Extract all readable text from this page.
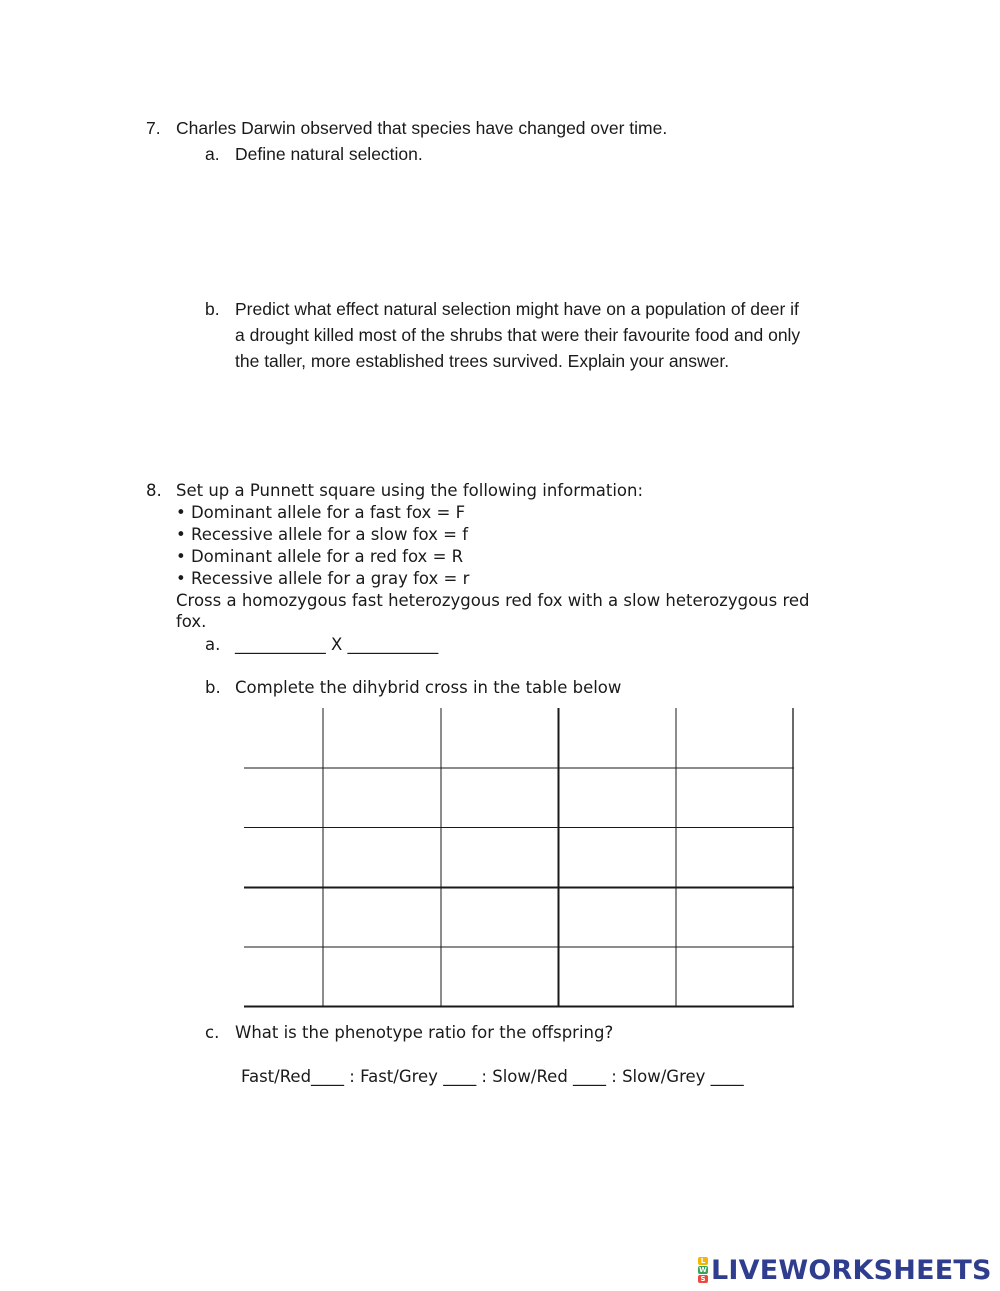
7. Charles Darwin observed that species have changed over time.
a. Define natural selection.
b. Predict what effect natural selection might have on a population of deer if
a drought killed most of the shrubs that were their favourite food and only
the taller, more established trees survived. Explain your answer.
8. Set up a Punnett square using the following information:
• Dominant allele for a fast fox = F
• Recessive allele for a slow fox = f
• Dominant allele for a red fox = R
• Recessive allele for a gray fox = r
Cross a homozygous fast heterozygous red fox with a slow heterozygous red
fox.
a. ___________ X ___________
b. Complete the dihybrid cross in the table below
c. What is the phenotype ratio for the offspring?
Fast/Red____ : Fast/Grey ____ : Slow/Red ____ : Slow/Grey ____
L
W
S LIVEWORKSHEETS
